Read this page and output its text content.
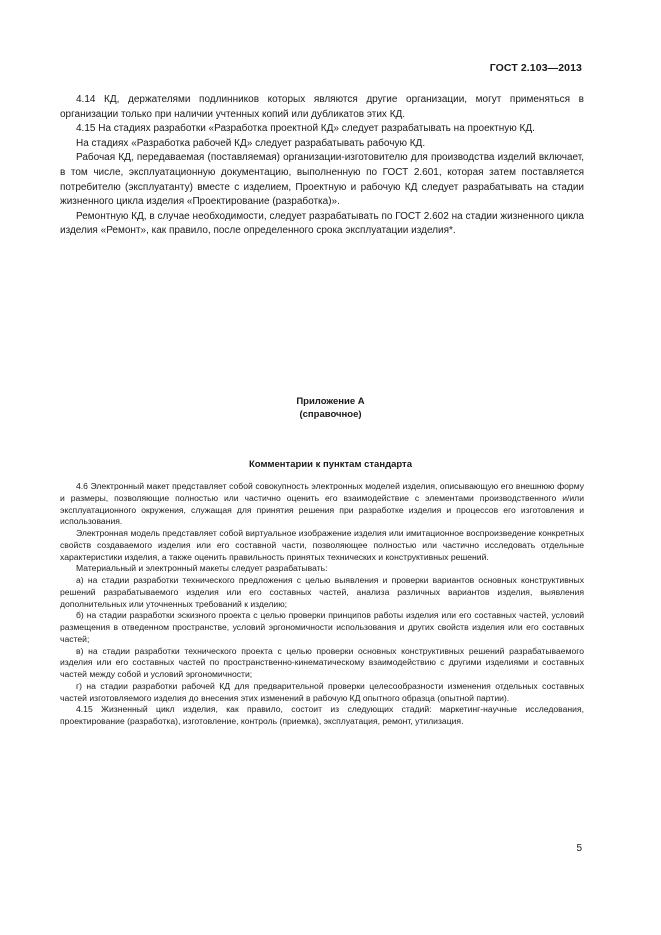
ГОСТ 2.103—2013

4.14 КД, держателями подлинников которых являются другие организации, могут применяться в организации только при наличии учтенных копий или дубликатов этих КД.

4.15 На стадиях разработки «Разработка проектной КД» следует разрабатывать на проектную КД.

На стадиях «Разработка рабочей КД» следует разрабатывать рабочую КД.

Рабочая КД, передаваемая (поставляемая) организации-изготовителю для производства изделий включает, в том числе, эксплуатационную документацию, выполненную по ГОСТ 2.601, которая затем поставляется потребителю (эксплуатанту) вместе с изделием, Проектную и рабочую КД следует разрабатывать на стадии жизненного цикла изделия «Проектирование (разработка)».

Ремонтную КД, в случае необходимости, следует разрабатывать по ГОСТ 2.602 на стадии жизненного цикла изделия «Ремонт», как правило, после определенного срока эксплуатации изделия*.

Приложение А
(справочное)
Комментарии к пунктам стандарта

4.6 Электронный макет представляет собой совокупность электронных моделей изделия, описывающую его внешнюю форму и размеры, позволяющие полностью или частично оценить его взаимодействие с элементами производственного и/или эксплуатационного окружения, служащая для принятия решения при разработке изделия и процессов его изготовления и использования.

Электронная модель представляет собой виртуальное изображение изделия или имитационное воспроизведение конкретных свойств создаваемого изделия или его составной части, позволяющее полностью или частично исследовать отдельные характеристики изделия, а также оценить правильность принятых технических и конструктивных решений.

Материальный и электронный макеты следует разрабатывать:

а) на стадии разработки технического предложения с целью выявления и проверки вариантов основных конструктивных решений разрабатываемого изделия или его составных частей, анализа различных вариантов изделия, выявления дополнительных или уточненных требований к изделию;

б) на стадии разработки эскизного проекта с целью проверки принципов работы изделия или его составных частей, условий размещения в отведенном пространстве, условий эргономичности использования и других свойств изделия или его составных частей;

в) на стадии разработки технического проекта с целью проверки основных конструктивных решений разрабатываемого изделия или его составных частей по пространственно-кинематическому взаимодействию с другими изделиями и составных частей между собой и условий эргономичности;

г) на стадии разработки рабочей КД для предварительной проверки целесообразности изменения отдельных составных частей изготовляемого изделия до внесения этих изменений в рабочую КД опытного образца (опытной партии).

4.15 Жизненный цикл изделия, как правило, состоит из следующих стадий: маркетинг-научные исследования, проектирование (разработка), изготовление, контроль (приемка), эксплуатация, ремонт, утилизация.

5
